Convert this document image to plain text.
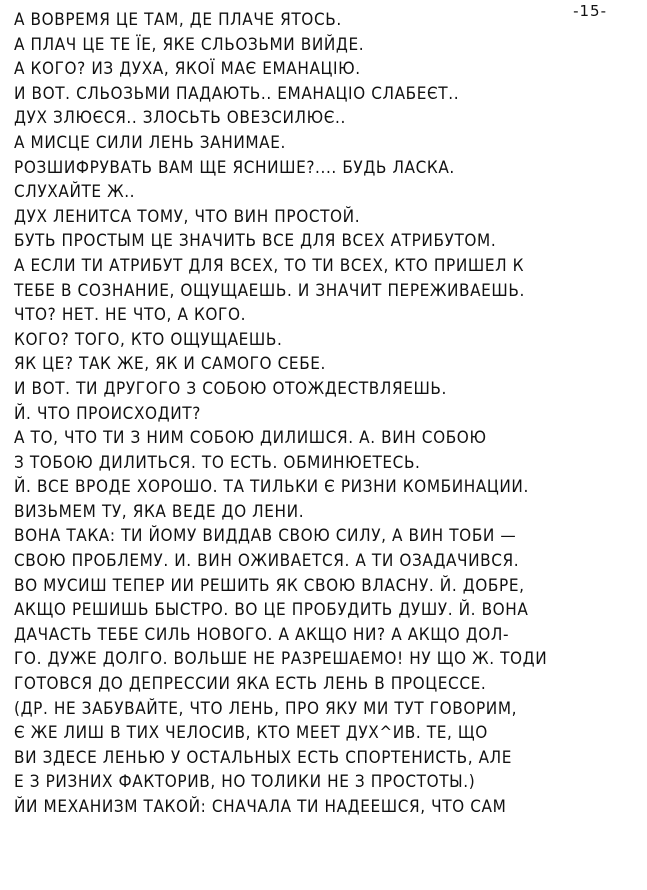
-15-
А ВОВРЕМЯ ЦЕ ТАМ, ДЕ ПЛАЧЕ ЯТОСЬ.
А ПЛАЧ ЦЕ ТЕ ЇЕ, ЯКЕ СЛЬОЗЬМИ ВИЙДЕ.
А КОГО? ИЗ ДУХА, ЯКОЇ МАЄ ЕМАНАЦІЮ.
И ВОТ. СЛЬОЗЬМИ ПАДАЮТЬ.. ЕМАНАЦІО СЛАБЕЄТ..
ДУХ ЗЛЮЄСЯ.. ЗЛОСЬТЬ ОВЕЗСИЛЮЄ..
А МИСЦЕ СИЛИ ЛЕНЬ ЗАНИМАЕ.
РОЗШИФРУВАТЬ ВАМ ЩЕ ЯСНИШЕ?.... БУДЬ ЛАСКА.
СЛУХАЙТЕ Ж..
ДУХ ЛЕНИТСА ТОМУ, ЧТО ВИН ПРОСТОЙ.
БУТЬ ПРОСТЫМ ЦЕ ЗНАЧИТЬ ВСЕ ДЛЯ ВСЕХ АТРИБУТОМ.
А ЕСЛИ ТИ АТРИБУТ ДЛЯ ВСЕХ, ТО ТИ ВСЕХ, КТО ПРИШЕЛ К
ТЕБЕ В СОЗНАНИЕ, ОЩУЩАЕШЬ. И ЗНАЧИТ ПЕРЕЖИВАЕШЬ.
ЧТО? НЕТ. НЕ ЧТО, А КОГО.
КОГО? ТОГО, КТО ОЩУЩАЕШЬ.
ЯК ЦЕ? ТАК ЖЕ, ЯК И САМОГО СЕБЕ.
И ВОТ. ТИ ДРУГОГО З СОБОЮ ОТОЖДЕСТВЛЯЕШЬ.
Й. ЧТО ПРОИСХОДИТ?
А ТО, ЧТО ТИ З НИМ СОБОЮ ДИЛИШСЯ. А. ВИН СОБОЮ
З ТОБОЮ ДИЛИТЬСЯ. ТО ЕСТЬ. ОБМИНЮЕТЕСЬ.
Й. ВСЕ ВРОДЕ ХОРОШО. ТА ТИЛЬКИ Є РИЗНИ КОМБИНАЦИИ.
ВИЗЬМЕМ ТУ, ЯКА ВЕДЕ ДО ЛЕНИ.
ВОНА ТАКА: ТИ ЙОМУ ВИДДАВ СВОЮ СИЛУ, А ВИН ТОБИ —
СВОЮ ПРОБЛЕМУ. И. ВИН ОЖИВАЕТСЯ. А ТИ ОЗАДАЧИВСЯ.
ВО МУСИШ ТЕПЕР ИИ РЕШИТЬ ЯК СВОЮ ВЛАСНУ. Й. ДОБРЕ,
АКЩО РЕШИШЬ БЫСТРО. ВО ЦЕ ПРОБУДИТЬ ДУШУ. Й. ВОНА
ДАЧАСТЬ ТЕБЕ СИЛЬ НОВОГО. А АКЩО НИ? А АКЩО ДОЛ-
ГО. ДУЖЕ ДОЛГО. ВОЛЬШЕ НЕ РАЗРЕШАЕМО! НУ ЩО Ж. ТОДИ
ГОТОВСЯ ДО ДЕПРЕССИИ ЯКА ЕСТЬ ЛЕНЬ В ПРОЦЕССЕ.
(ДР. НЕ ЗАБУВАЙТЕ, ЧТО ЛЕНЬ, ПРО ЯКУ МИ ТУТ ГОВОРИМ,
Є ЖЕ ЛИШ В ТИХ ЧЕЛОСИВ, КТО МЕЕТ ДУХ^ИВ. ТЕ, ЩО
ВИ ЗДЕСЕ ЛЕНЬЮ У ОСТАЛЬНЫХ ЕСТЬ СПОРТЕНИСТЬ, АЛЕ
Е З РИЗНИХ ФАКТОРИВ, НО ТОЛИКИ НЕ З ПРОСТОТЫ.)
ЙИ МЕХАНИЗМ ТАКОЙ: СНАЧАЛА ТИ НАДЕЕШСЯ, ЧТО САМ
